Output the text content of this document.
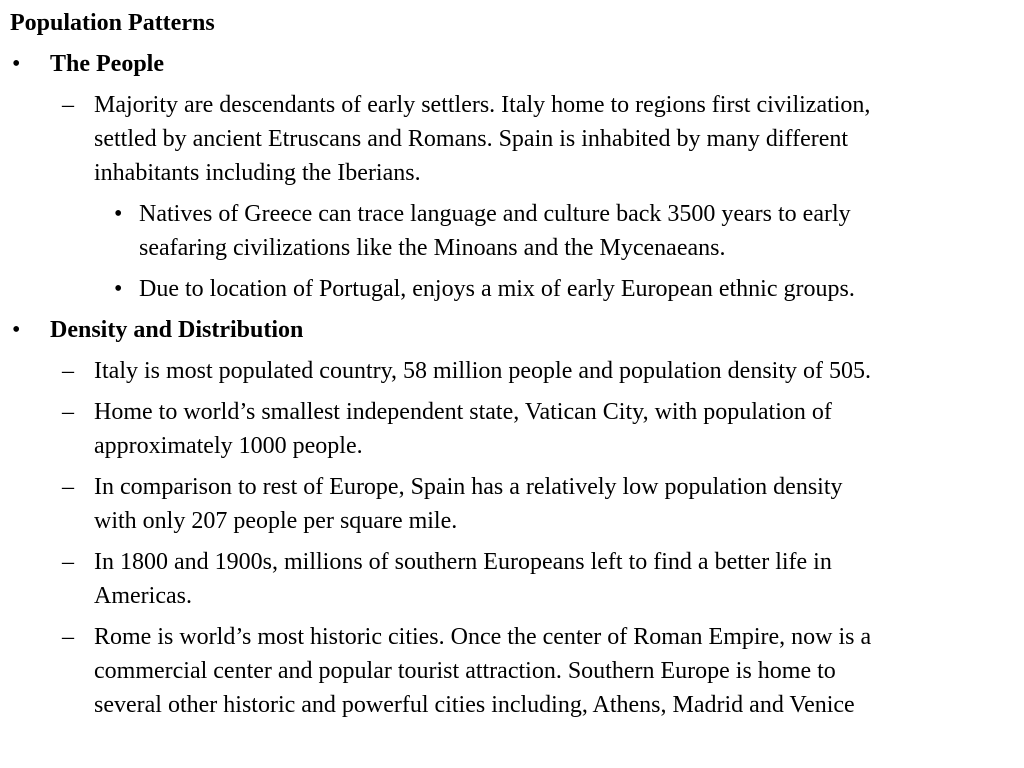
Population Patterns
• The People
– Majority are descendants of early settlers. Italy home to regions first civilization,
settled by ancient Etruscans and Romans. Spain is inhabited by many different
inhabitants including the Iberians.
• Natives of Greece can trace language and culture back 3500 years to early
seafaring civilizations like the Minoans and the Mycenaeans.
• Due to location of Portugal, enjoys a mix of early European ethnic groups.
• Density and Distribution
– Italy is most populated country, 58 million people and population density of 505.
– Home to world’s smallest independent state, Vatican City, with population of
approximately 1000 people.
– In comparison to rest of Europe, Spain has a relatively low population density
with only 207 people per square mile.
– In 1800 and 1900s, millions of southern Europeans left to find a better life in
Americas.
– Rome is world’s most historic cities. Once the center of Roman Empire, now is a
commercial center and popular tourist attraction. Southern Europe is home to
several other historic and powerful cities including, Athens, Madrid and Venice
